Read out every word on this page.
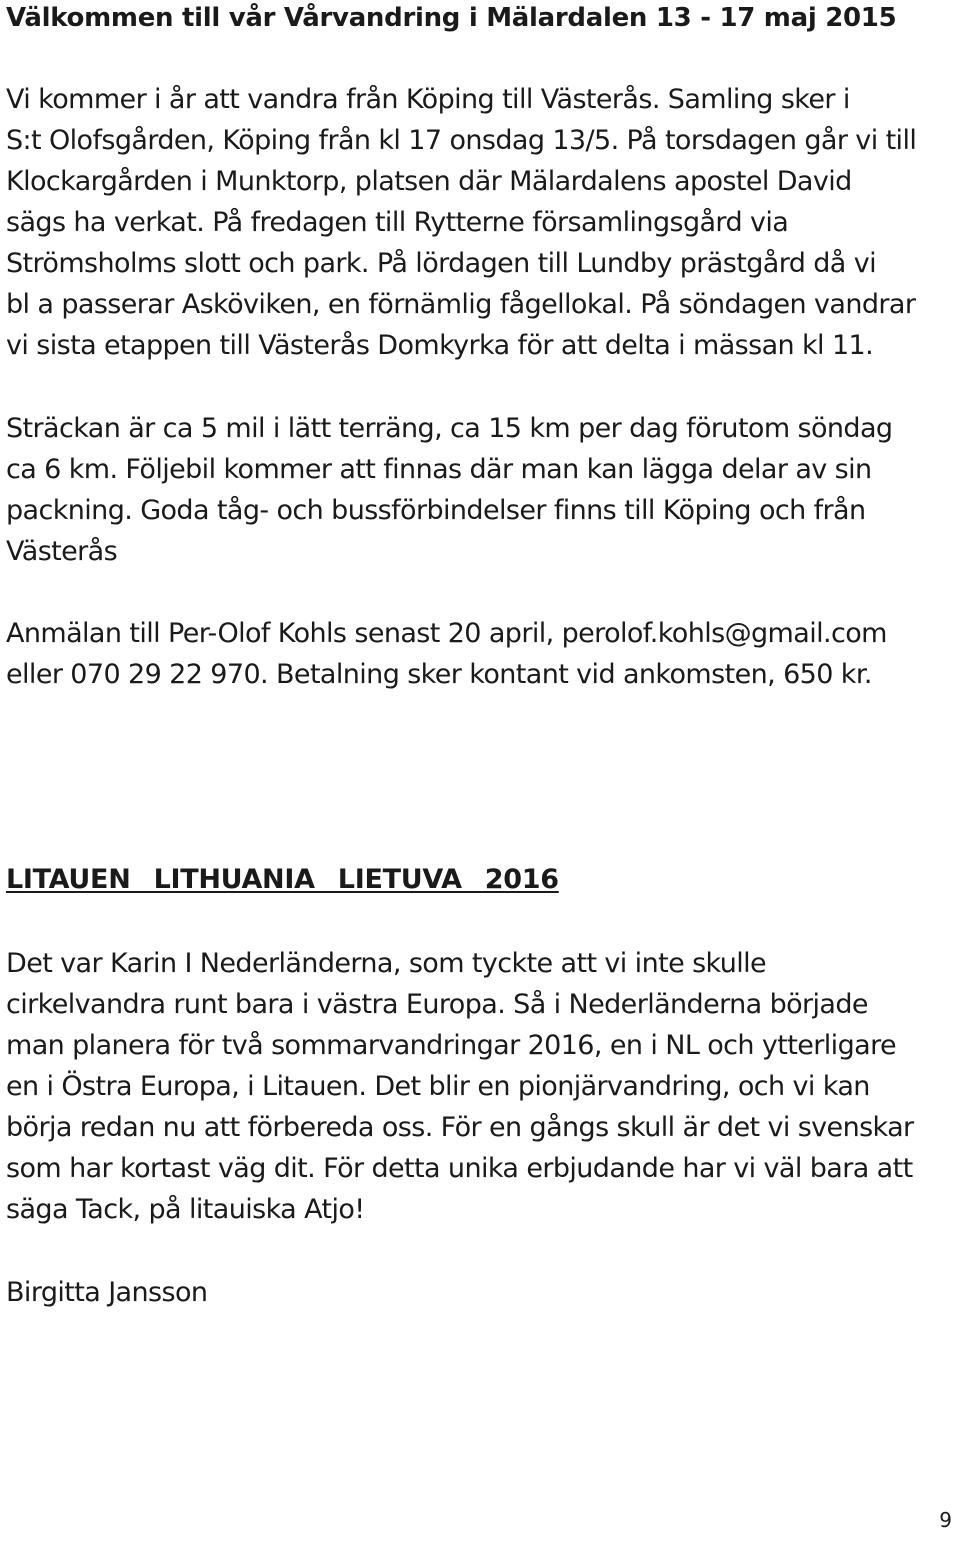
Välkommen till vår Vårvandring i Mälardalen 13 - 17 maj 2015
Vi kommer i år att vandra från Köping till Västerås. Samling sker i
S:t Olofsgården, Köping från kl 17 onsdag 13/5. På torsdagen går vi till
Klockargården i Munktorp, platsen där Mälardalens apostel David
sägs ha verkat. På fredagen till Rytterne församlingsgård via
Strömsholms slott och park. På lördagen till Lundby prästgård då vi
bl a passerar Asköviken, en förnämlig fågellokal. På söndagen vandrar
vi sista etappen till Västerås Domkyrka för att delta i mässan kl 11.
Sträckan är ca 5 mil i lätt terräng, ca 15 km per dag förutom söndag
ca 6 km. Följebil kommer att finnas där man kan lägga delar av sin
packning. Goda tåg- och bussförbindelser finns till Köping och från
Västerås
Anmälan till Per-Olof Kohls senast 20 april, perolof.kohls@gmail.com
eller 070 29 22 970. Betalning sker kontant vid ankomsten, 650 kr.
LITAUEN LITHUANIA LIETUVA 2016
Det var Karin I Nederländerna, som tyckte att vi inte skulle
cirkelvandra runt bara i västra Europa. Så i Nederländerna började
man planera för två sommarvandringar 2016, en i NL och ytterligare
en i Östra Europa, i Litauen. Det blir en pionjärvandring, och vi kan
börja redan nu att förbereda oss. För en gångs skull är det vi svenskar
som har kortast väg dit. För detta unika erbjudande har vi väl bara att
säga Tack, på litauiska Atjo!
Birgitta Jansson
9
